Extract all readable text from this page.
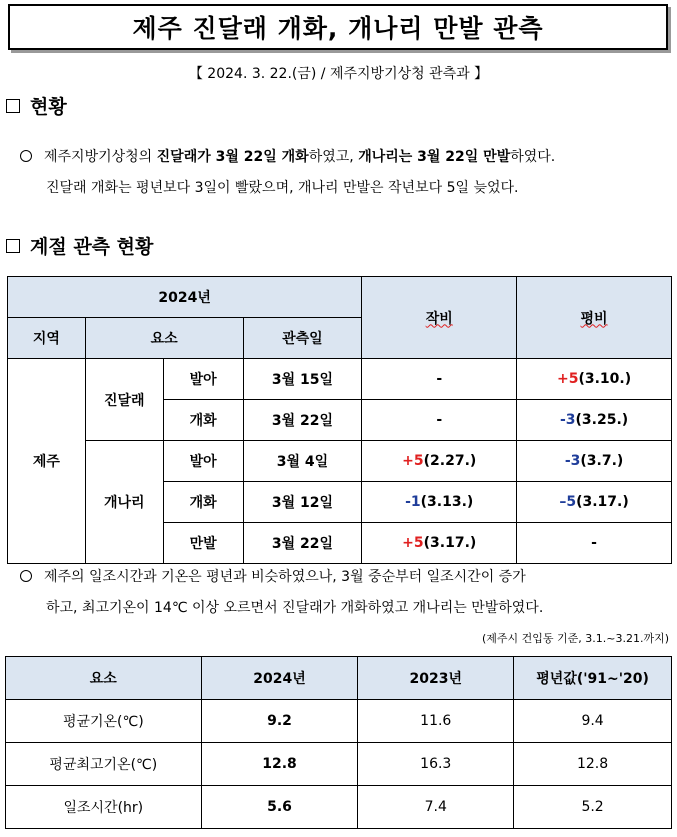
제주 진달래 개화, 개나리 만발 관측
【 2024. 3. 22.(금) / 제주지방기상청 관측과 】
현황
제주지방기상청의 진달래가 3월 22일 개화하였고, 개나리는 3월 22일 만발하였다.
진달래 개화는 평년보다 3일이 빨랐으며, 개나리 만발은 작년보다 5일 늦었다.
계절 관측 현황
2024년				작비	평비
지역	요소		관측일		
제주	진달래	발아	3월 15일	-	+5(3.10.)
		개화	3월 22일	-	-3(3.25.)
	개나리	발아	3월 4일	+5(2.27.)	-3(3.7.)
		개화	3월 12일	-1(3.13.)	–5(3.17.)
		만발	3월 22일	+5(3.17.)	-
제주의 일조시간과 기온은 평년과 비슷하였으나, 3월 중순부터 일조시간이 증가
하고, 최고기온이 14℃ 이상 오르면서 진달래가 개화하였고 개나리는 만발하였다.
(제주시 건입동 기준, 3.1.~3.21.까지)
요소	2024년	2023년	평년값('91~'20)
평균기온(℃)	9.2	11.6	9.4
평균최고기온(℃)	12.8	16.3	12.8
일조시간(hr)	5.6	7.4	5.2
